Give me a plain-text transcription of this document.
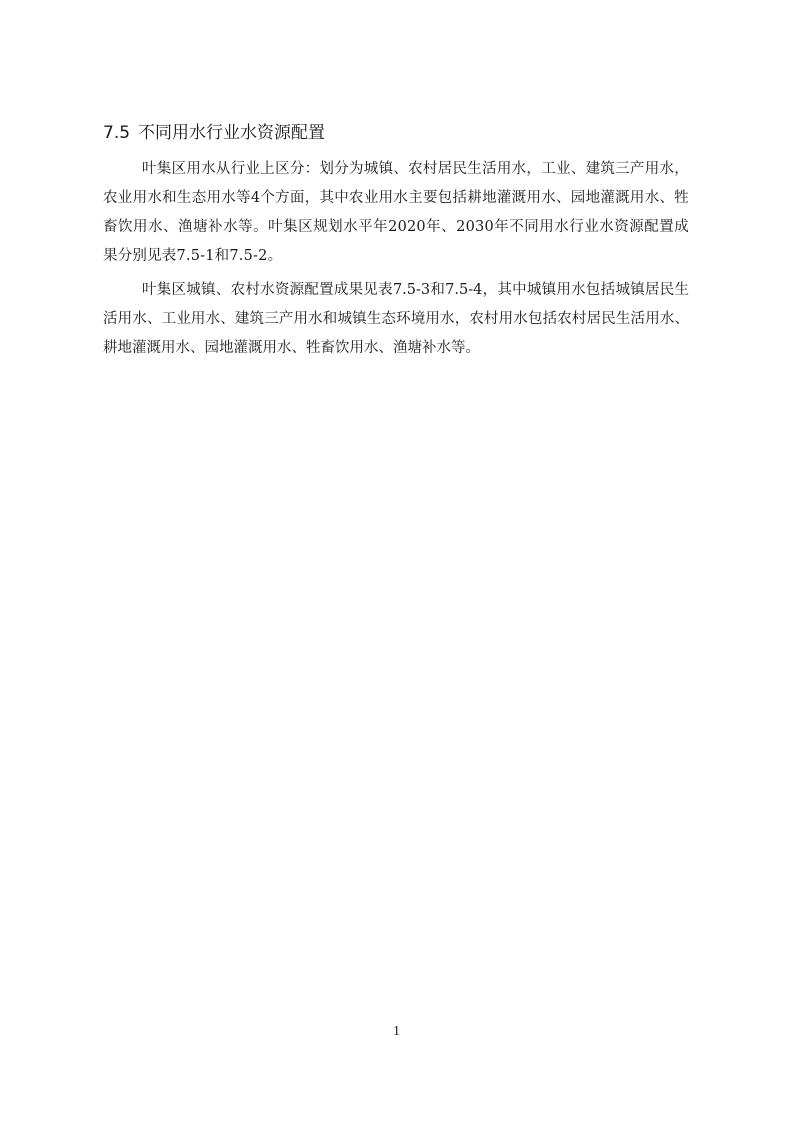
7.5 不同用水行业水资源配置

叶集区用水从行业上区分：划分为城镇、农村居民生活用水，工业、建筑三产用水，农业用水和生态用水等4个方面，其中农业用水主要包括耕地灌溉用水、园地灌溉用水、牲畜饮用水、渔塘补水等。叶集区规划水平年2020年、2030年不同用水行业水资源配置成果分别见表7.5-1和7.5-2。

叶集区城镇、农村水资源配置成果见表7.5-3和7.5-4，其中城镇用水包括城镇居民生活用水、工业用水、建筑三产用水和城镇生态环境用水，农村用水包括农村居民生活用水、耕地灌溉用水、园地灌溉用水、牲畜饮用水、渔塘补水等。

1
